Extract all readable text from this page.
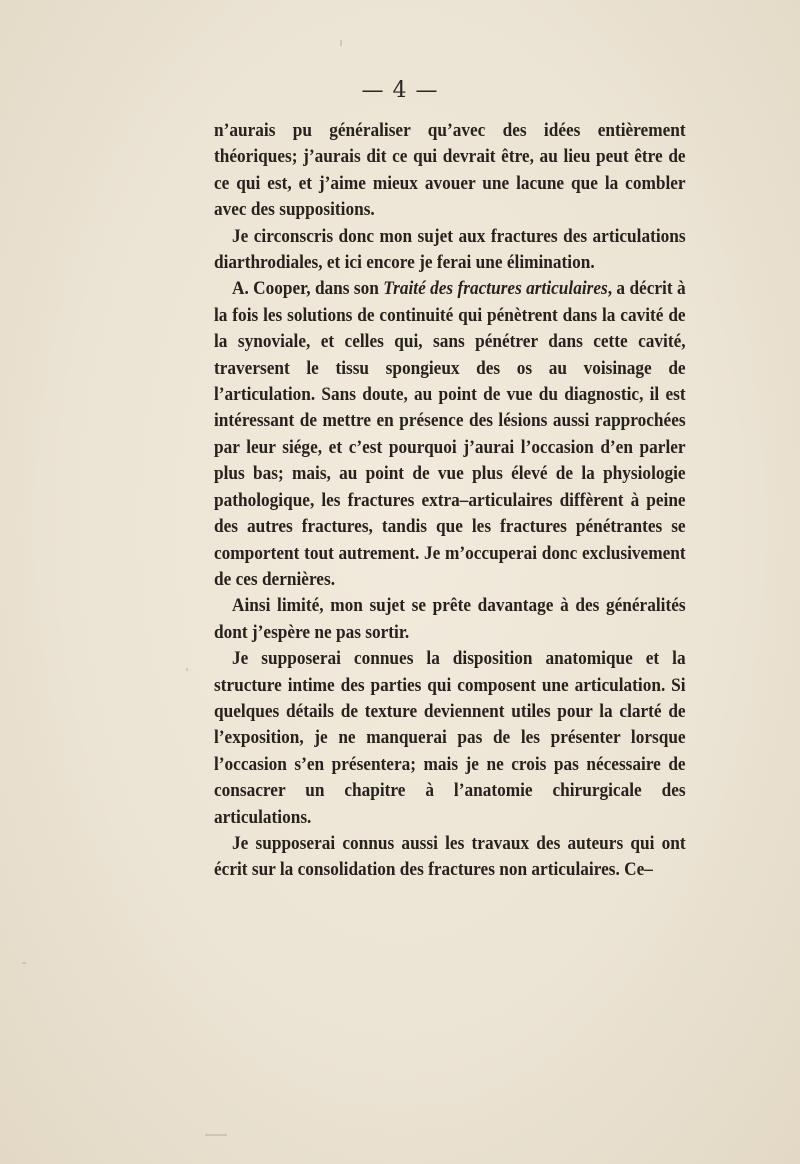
— 4 —

n’aurais pu généraliser qu’avec des idées entièrement théoriques; j’aurais dit ce qui devrait être, au lieu peut être de ce qui est, et j’aime mieux avouer une lacune que la combler avec des suppositions.

Je circonscris donc mon sujet aux fractures des articulations diarthrodiales, et ici encore je ferai une élimination.

A. Cooper, dans son Traité des fractures articulaires, a décrit à la fois les solutions de continuité qui pénètrent dans la cavité de la synoviale, et celles qui, sans pénétrer dans cette cavité, traversent le tissu spongieux des os au voisinage de l’articulation. Sans doute, au point de vue du diagnostic, il est intéressant de mettre en présence des lésions aussi rapprochées par leur siége, et c’est pourquoi j’aurai l’occasion d’en parler plus bas; mais, au point de vue plus élevé de la physiologie pathologique, les fractures extra–articulaires diffèrent à peine des autres fractures, tandis que les fractures pénétrantes se comportent tout autrement. Je m’occuperai donc exclusivement de ces dernières.

Ainsi limité, mon sujet se prête davantage à des généralités dont j’espère ne pas sortir.

Je supposerai connues la disposition anatomique et la structure intime des parties qui composent une articulation. Si quelques détails de texture deviennent utiles pour la clarté de l’exposition, je ne manquerai pas de les présenter lorsque l’occasion s’en présentera; mais je ne crois pas nécessaire de consacrer un chapitre à l’anatomie chirurgicale des articulations.

Je supposerai connus aussi les travaux des auteurs qui ont écrit sur la consolidation des fractures non articulaires. Ce–
